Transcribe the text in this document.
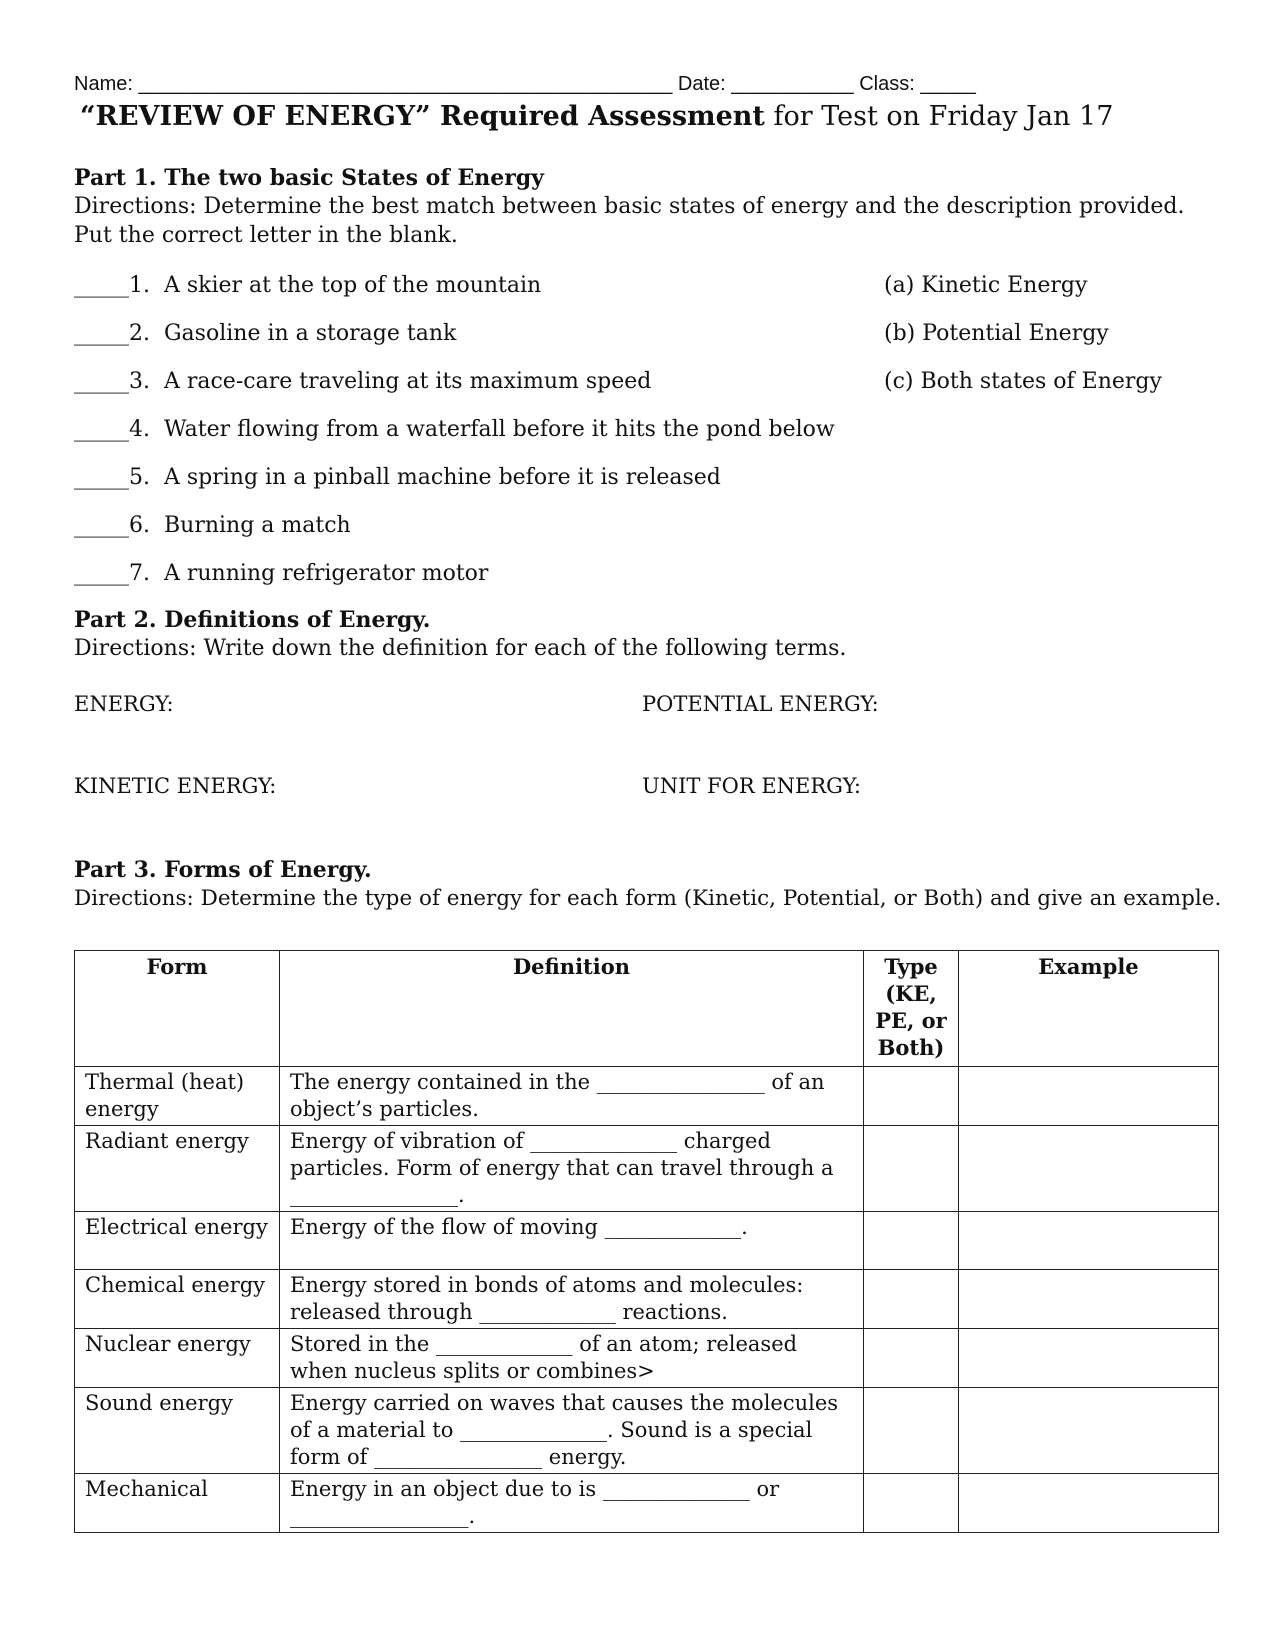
Name: ________________________________________________ Date: ___________ Class: _____
“REVIEW OF ENERGY” Required Assessment for Test on Friday Jan 17
Part 1. The two basic States of Energy
Directions: Determine the best match between basic states of energy and the description provided. Put the correct letter in the blank.
_____1.  A skier at the top of the mountain
_____2.  Gasoline in a storage tank
_____3.  A race-care traveling at its maximum speed
_____4.  Water flowing from a waterfall before it hits the pond below
_____5.  A spring in a pinball machine before it is released
_____6.  Burning a match
_____7.  A running refrigerator motor
(a) Kinetic Energy
(b) Potential Energy
(c) Both states of Energy
Part 2. Definitions of Energy.
Directions: Write down the definition for each of the following terms.
ENERGY:	POTENTIAL ENERGY:
KINETIC ENERGY:	UNIT FOR ENERGY:
Part 3. Forms of Energy.
Directions: Determine the type of energy for each form (Kinetic, Potential, or Both) and give an example.
Form	Definition	Type (KE, PE, or Both)	Example
Thermal (heat) energy	The energy contained in the ________________ of an object’s particles.		
Radiant energy	Energy of vibration of ______________ charged particles. Form of energy that can travel through a ________________.		
Electrical energy	Energy of the flow of moving _____________.		
Chemical energy	Energy stored in bonds of atoms and molecules: released through _____________ reactions.		
Nuclear energy	Stored in the _____________ of an atom; released when nucleus splits or combines>		
Sound energy	Energy carried on waves that causes the molecules of a material to ______________. Sound is a special form of ________________ energy.		
Mechanical	Energy in an object due to is ______________ or _________________.		
